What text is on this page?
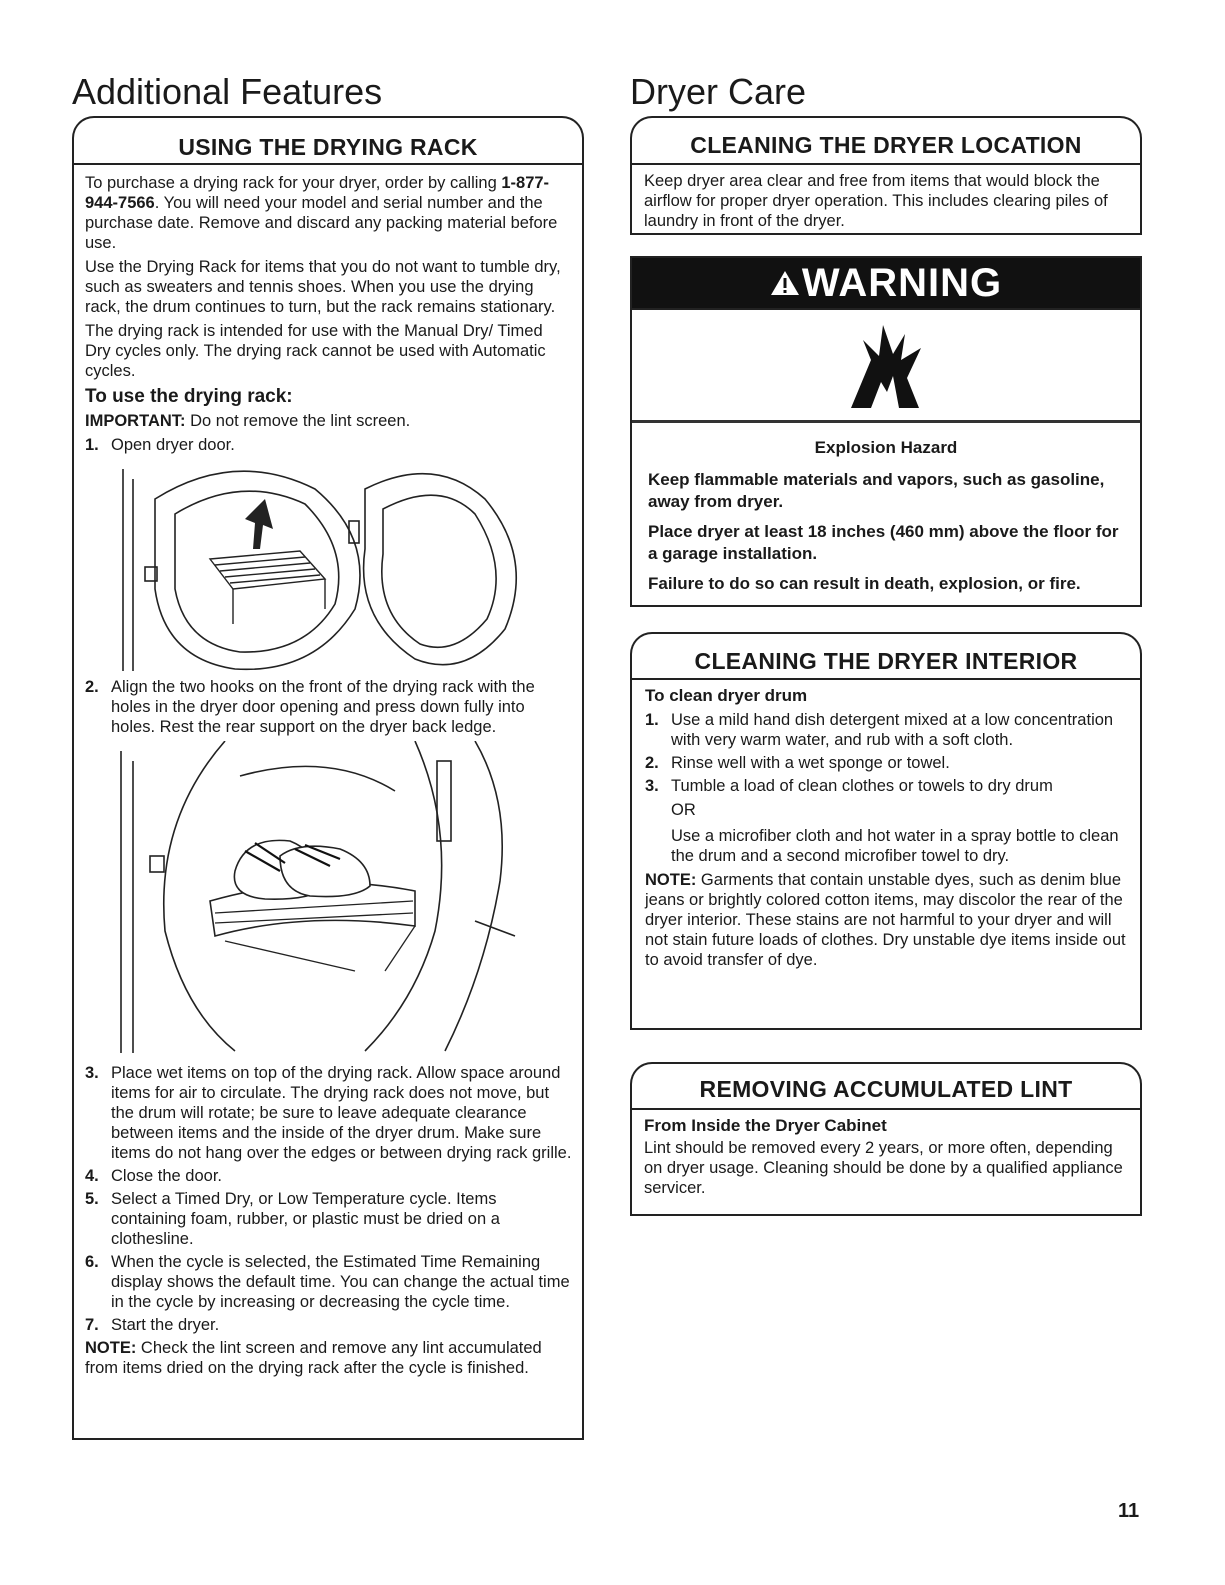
Additional Features
USING THE DRYING RACK

To purchase a drying rack for your dryer, order by calling 1-877-944-7566. You will need your model and serial number and the purchase date. Remove and discard any packing material before use.

Use the Drying Rack for items that you do not want to tumble dry, such as sweaters and tennis shoes. When you use the drying rack, the drum continues to turn, but the rack remains stationary.

The drying rack is intended for use with the Manual Dry/ Timed Dry cycles only. The drying rack cannot be used with Automatic cycles.

To use the drying rack:

IMPORTANT: Do not remove the lint screen.

1. Open dryer door.
2. Align the two hooks on the front of the drying rack with the holes in the dryer door opening and press down fully into holes. Rest the rear support on the dryer back ledge.
3. Place wet items on top of the drying rack. Allow space around items for air to circulate. The drying rack does not move, but the drum will rotate; be sure to leave adequate clearance between items and the inside of the dryer drum. Make sure items do not hang over the edges or between drying rack grille.
4. Close the door.
5. Select a Timed Dry, or Low Temperature cycle. Items containing foam, rubber, or plastic must be dried on a clothesline.
6. When the cycle is selected, the Estimated Time Remaining display shows the default time. You can change the actual time in the cycle by increasing or decreasing the cycle time.
7. Start the dryer.

NOTE: Check the lint screen and remove any lint accumulated from items dried on the drying rack after the cycle is finished.

Dryer Care
CLEANING THE DRYER LOCATION

Keep dryer area clear and free from items that would block the airflow for proper dryer operation. This includes clearing piles of laundry in front of the dryer.

WARNING

Explosion Hazard

Keep flammable materials and vapors, such as gasoline, away from dryer.

Place dryer at least 18 inches (460 mm) above the floor for a garage installation.

Failure to do so can result in death, explosion, or fire.

CLEANING THE DRYER INTERIOR
To clean dryer drum
1. Use a mild hand dish detergent mixed at a low concentration with very warm water, and rub with a soft cloth.
2. Rinse well with a wet sponge or towel.
3. Tumble a load of clean clothes or towels to dry drum

OR

Use a microfiber cloth and hot water in a spray bottle to clean the drum and a second microfiber towel to dry.

NOTE: Garments that contain unstable dyes, such as denim blue jeans or brightly colored cotton items, may discolor the rear of the dryer interior. These stains are not harmful to your dryer and will not stain future loads of clothes. Dry unstable dye items inside out to avoid transfer of dye.

REMOVING ACCUMULATED LINT
From Inside the Dryer Cabinet

Lint should be removed every 2 years, or more often, depending on dryer usage. Cleaning should be done by a qualified appliance servicer.

11
